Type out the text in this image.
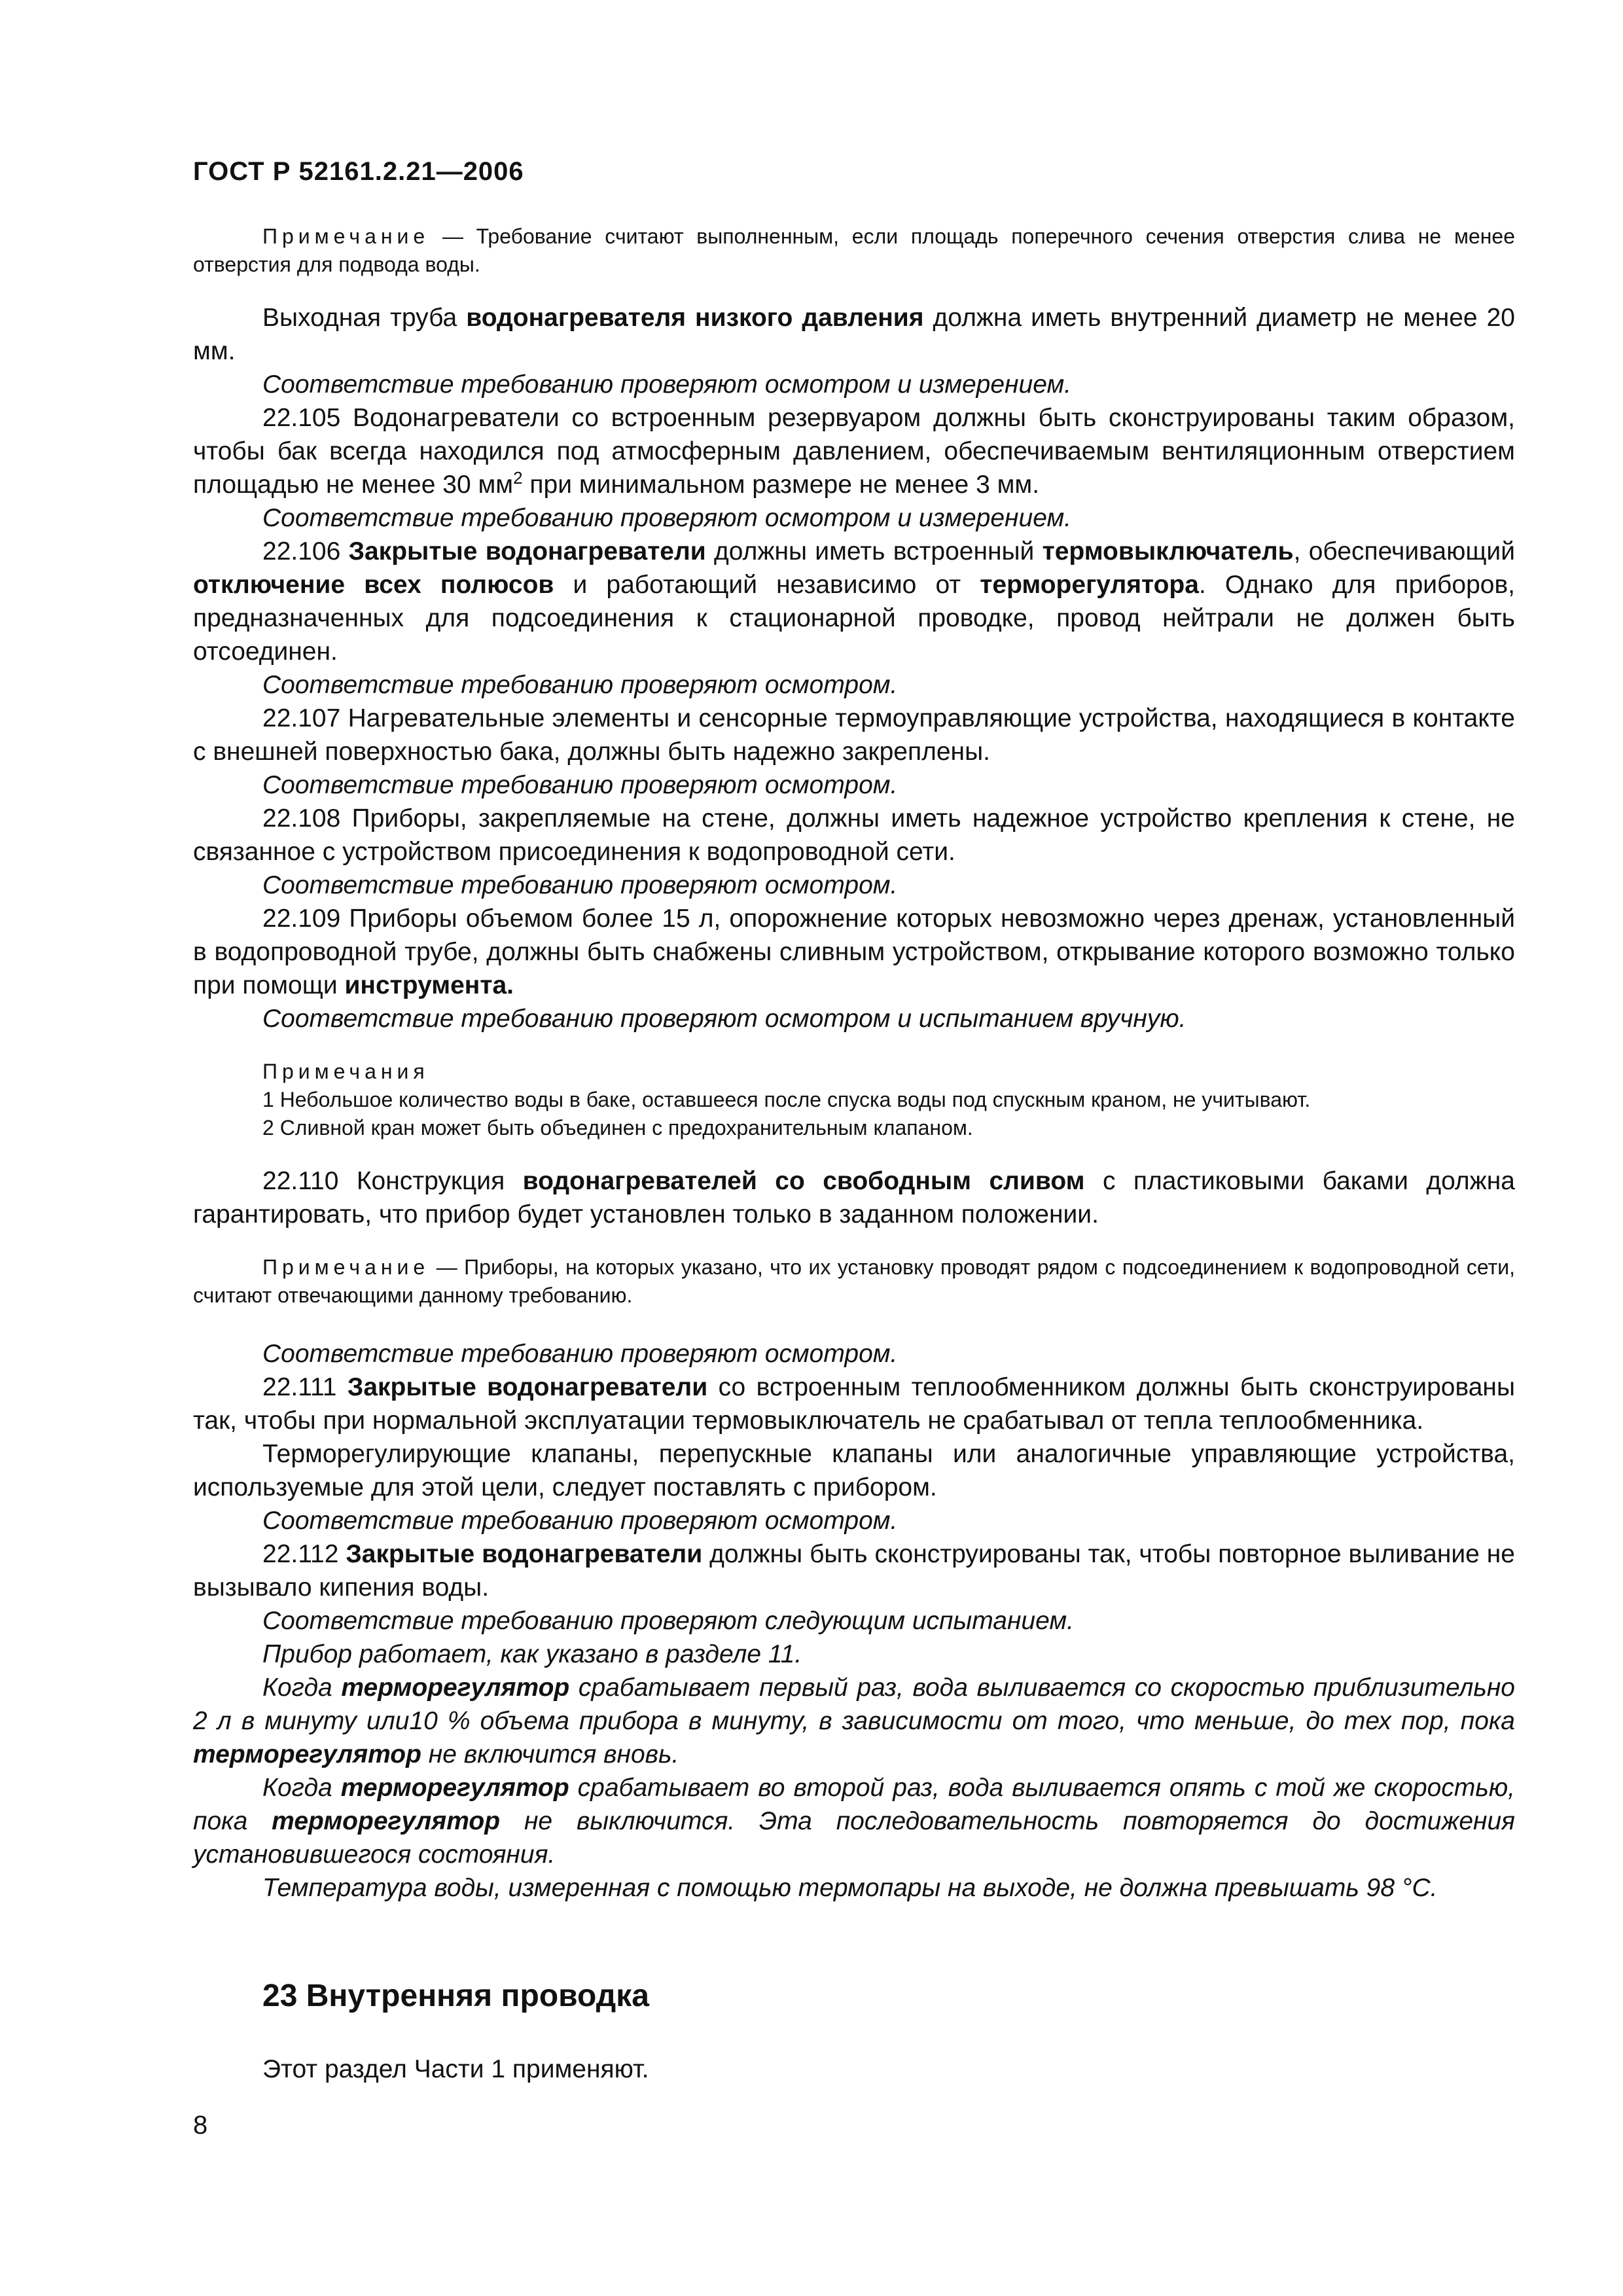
ГОСТ Р 52161.2.21—2006

Примечание — Требование считают выполненным, если площадь поперечного сечения отверстия слива не менее отверстия для подвода воды.

Выходная труба водонагревателя низкого давления должна иметь внутренний диаметр не менее 20 мм.

Соответствие требованию проверяют осмотром и измерением.

22.105 Водонагреватели со встроенным резервуаром должны быть сконструированы таким образом, чтобы бак всегда находился под атмосферным давлением, обеспечиваемым вентиляционным отверстием площадью не менее 30 $мм^2$ при минимальном размере не менее 3 мм.

Соответствие требованию проверяют осмотром и измерением.

22.106 Закрытые водонагреватели должны иметь встроенный термовыключатель, обеспечивающий отключение всех полюсов и работающий независимо от терморегулятора. Однако для приборов, предназначенных для подсоединения к стационарной проводке, провод нейтрали не должен быть отсоединен.

Соответствие требованию проверяют осмотром.

22.107 Нагревательные элементы и сенсорные термоуправляющие устройства, находящиеся в контакте с внешней поверхностью бака, должны быть надежно закреплены.

Соответствие требованию проверяют осмотром.

22.108 Приборы, закрепляемые на стене, должны иметь надежное устройство крепления к стене, не связанное с устройством присоединения к водопроводной сети.

Соответствие требованию проверяют осмотром.

22.109 Приборы объемом более 15 л, опорожнение которых невозможно через дренаж, установленный в водопроводной трубе, должны быть снабжены сливным устройством, открывание которого возможно только при помощи инструмента.

Соответствие требованию проверяют осмотром и испытанием вручную.

Примечания

1 Небольшое количество воды в баке, оставшееся после спуска воды под спускным краном, не учитывают.

2 Сливной кран может быть объединен с предохранительным клапаном.

22.110 Конструкция водонагревателей со свободным сливом с пластиковыми баками должна гарантировать, что прибор будет установлен только в заданном положении.

Примечание — Приборы, на которых указано, что их установку проводят рядом с подсоединением к водопроводной сети, считают отвечающими данному требованию.

Соответствие требованию проверяют осмотром.

22.111 Закрытые водонагреватели со встроенным теплообменником должны быть сконструированы так, чтобы при нормальной эксплуатации термовыключатель не срабатывал от тепла теплообменника.

Терморегулирующие клапаны, перепускные клапаны или аналогичные управляющие устройства, используемые для этой цели, следует поставлять с прибором.

Соответствие требованию проверяют осмотром.

22.112 Закрытые водонагреватели должны быть сконструированы так, чтобы повторное выливание не вызывало кипения воды.

Соответствие требованию проверяют следующим испытанием.

Прибор работает, как указано в разделе 11.

Когда терморегулятор срабатывает первый раз, вода выливается со скоростью приблизительно 2 л в минуту или10 % объема прибора в минуту, в зависимости от того, что меньше, до тех пор, пока терморегулятор не включится вновь.

Когда терморегулятор срабатывает во второй раз, вода выливается опять с той же скоростью, пока терморегулятор не выключится. Эта последовательность повторяется до достижения установившегося состояния.

Температура воды, измеренная с помощью термопары на выходе, не должна превышать 98 °С.

23 Внутренняя проводка

Этот раздел Части 1 применяют.

8
